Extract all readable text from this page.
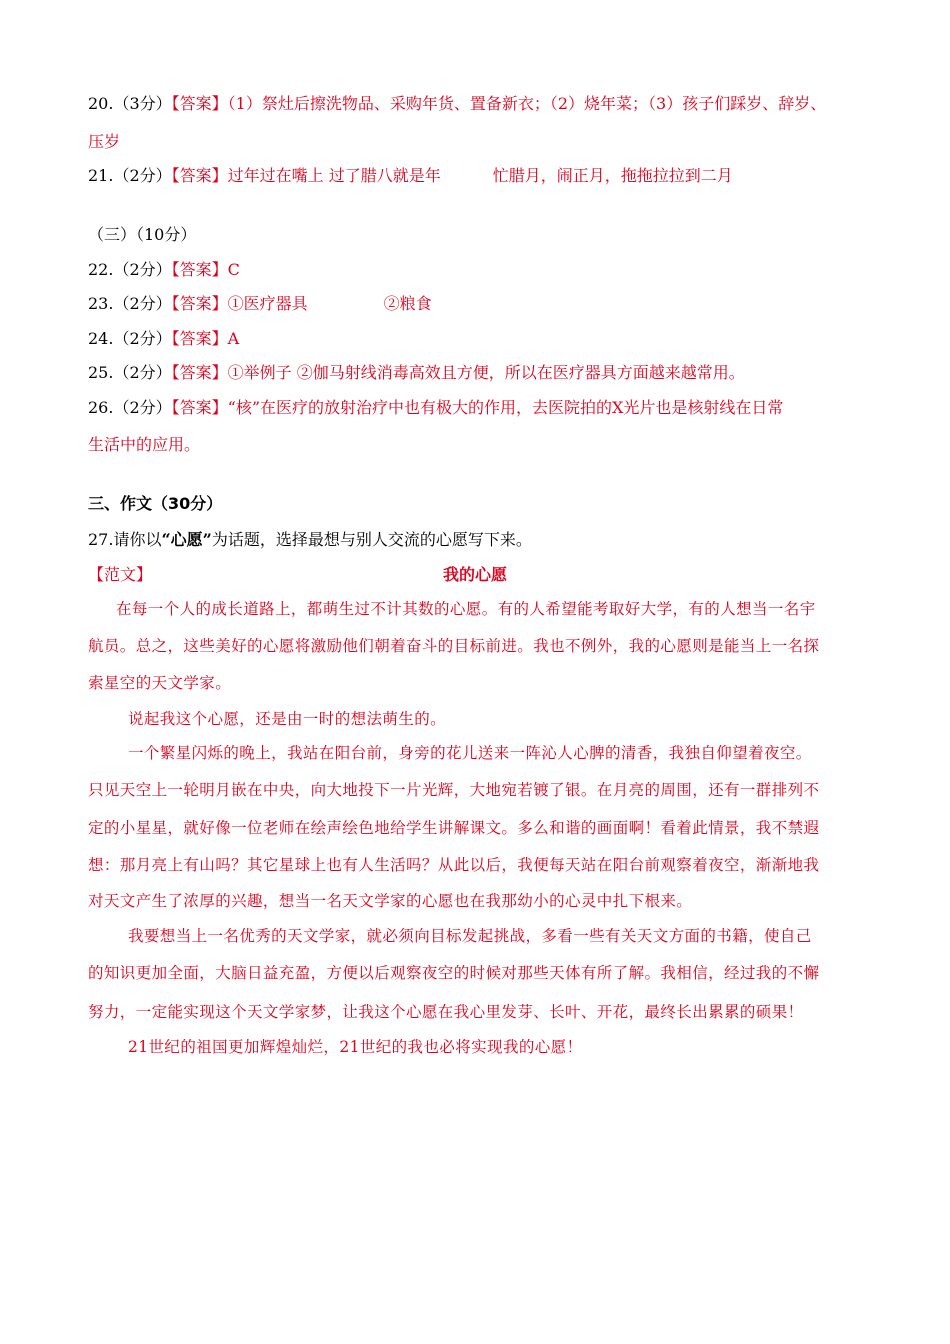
20.（3分）【答案】（1）祭灶后擦洗物品、采购年货、置备新衣；（2）烧年菜；（3）孩子们踩岁、辞岁、
压岁
21.（2分）【答案】过年过在嘴上 过了腊八就是年	忙腊月，闹正月，拖拖拉拉到二月
（三）（10分）
22.（2分）【答案】C
23.（2分）【答案】①医疗器具	②粮食
24.（2分）【答案】A
25.（2分）【答案】①举例子 ②伽马射线消毒高效且方便，所以在医疗器具方面越来越常用。
26.（2分）【答案】“核”在医疗的放射治疗中也有极大的作用，去医院拍的X光片也是核射线在日常
生活中的应用。
三、作文（30分）
27.请你以“心愿”为话题，选择最想与别人交流的心愿写下来。
【范文】	我的心愿
在每一个人的成长道路上，都萌生过不计其数的心愿。有的人希望能考取好大学，有的人想当一名宇
航员。总之，这些美好的心愿将激励他们朝着奋斗的目标前进。我也不例外，我的心愿则是能当上一名探
索星空的天文学家。
说起我这个心愿，还是由一时的想法萌生的。
一个繁星闪烁的晚上，我站在阳台前，身旁的花儿送来一阵沁人心脾的清香，我独自仰望着夜空。
只见天空上一轮明月嵌在中央，向大地投下一片光辉，大地宛若镀了银。在月亮的周围，还有一群排列不
定的小星星，就好像一位老师在绘声绘色地给学生讲解课文。多么和谐的画面啊！看着此情景，我不禁遐
想：那月亮上有山吗？其它星球上也有人生活吗？从此以后，我便每天站在阳台前观察着夜空，渐渐地我
对天文产生了浓厚的兴趣，想当一名天文学家的心愿也在我那幼小的心灵中扎下根来。
我要想当上一名优秀的天文学家，就必须向目标发起挑战，多看一些有关天文方面的书籍，使自己
的知识更加全面，大脑日益充盈，方便以后观察夜空的时候对那些天体有所了解。我相信，经过我的不懈
努力，一定能实现这个天文学家梦，让我这个心愿在我心里发芽、长叶、开花，最终长出累累的硕果！
21世纪的祖国更加辉煌灿烂，21世纪的我也必将实现我的心愿！
